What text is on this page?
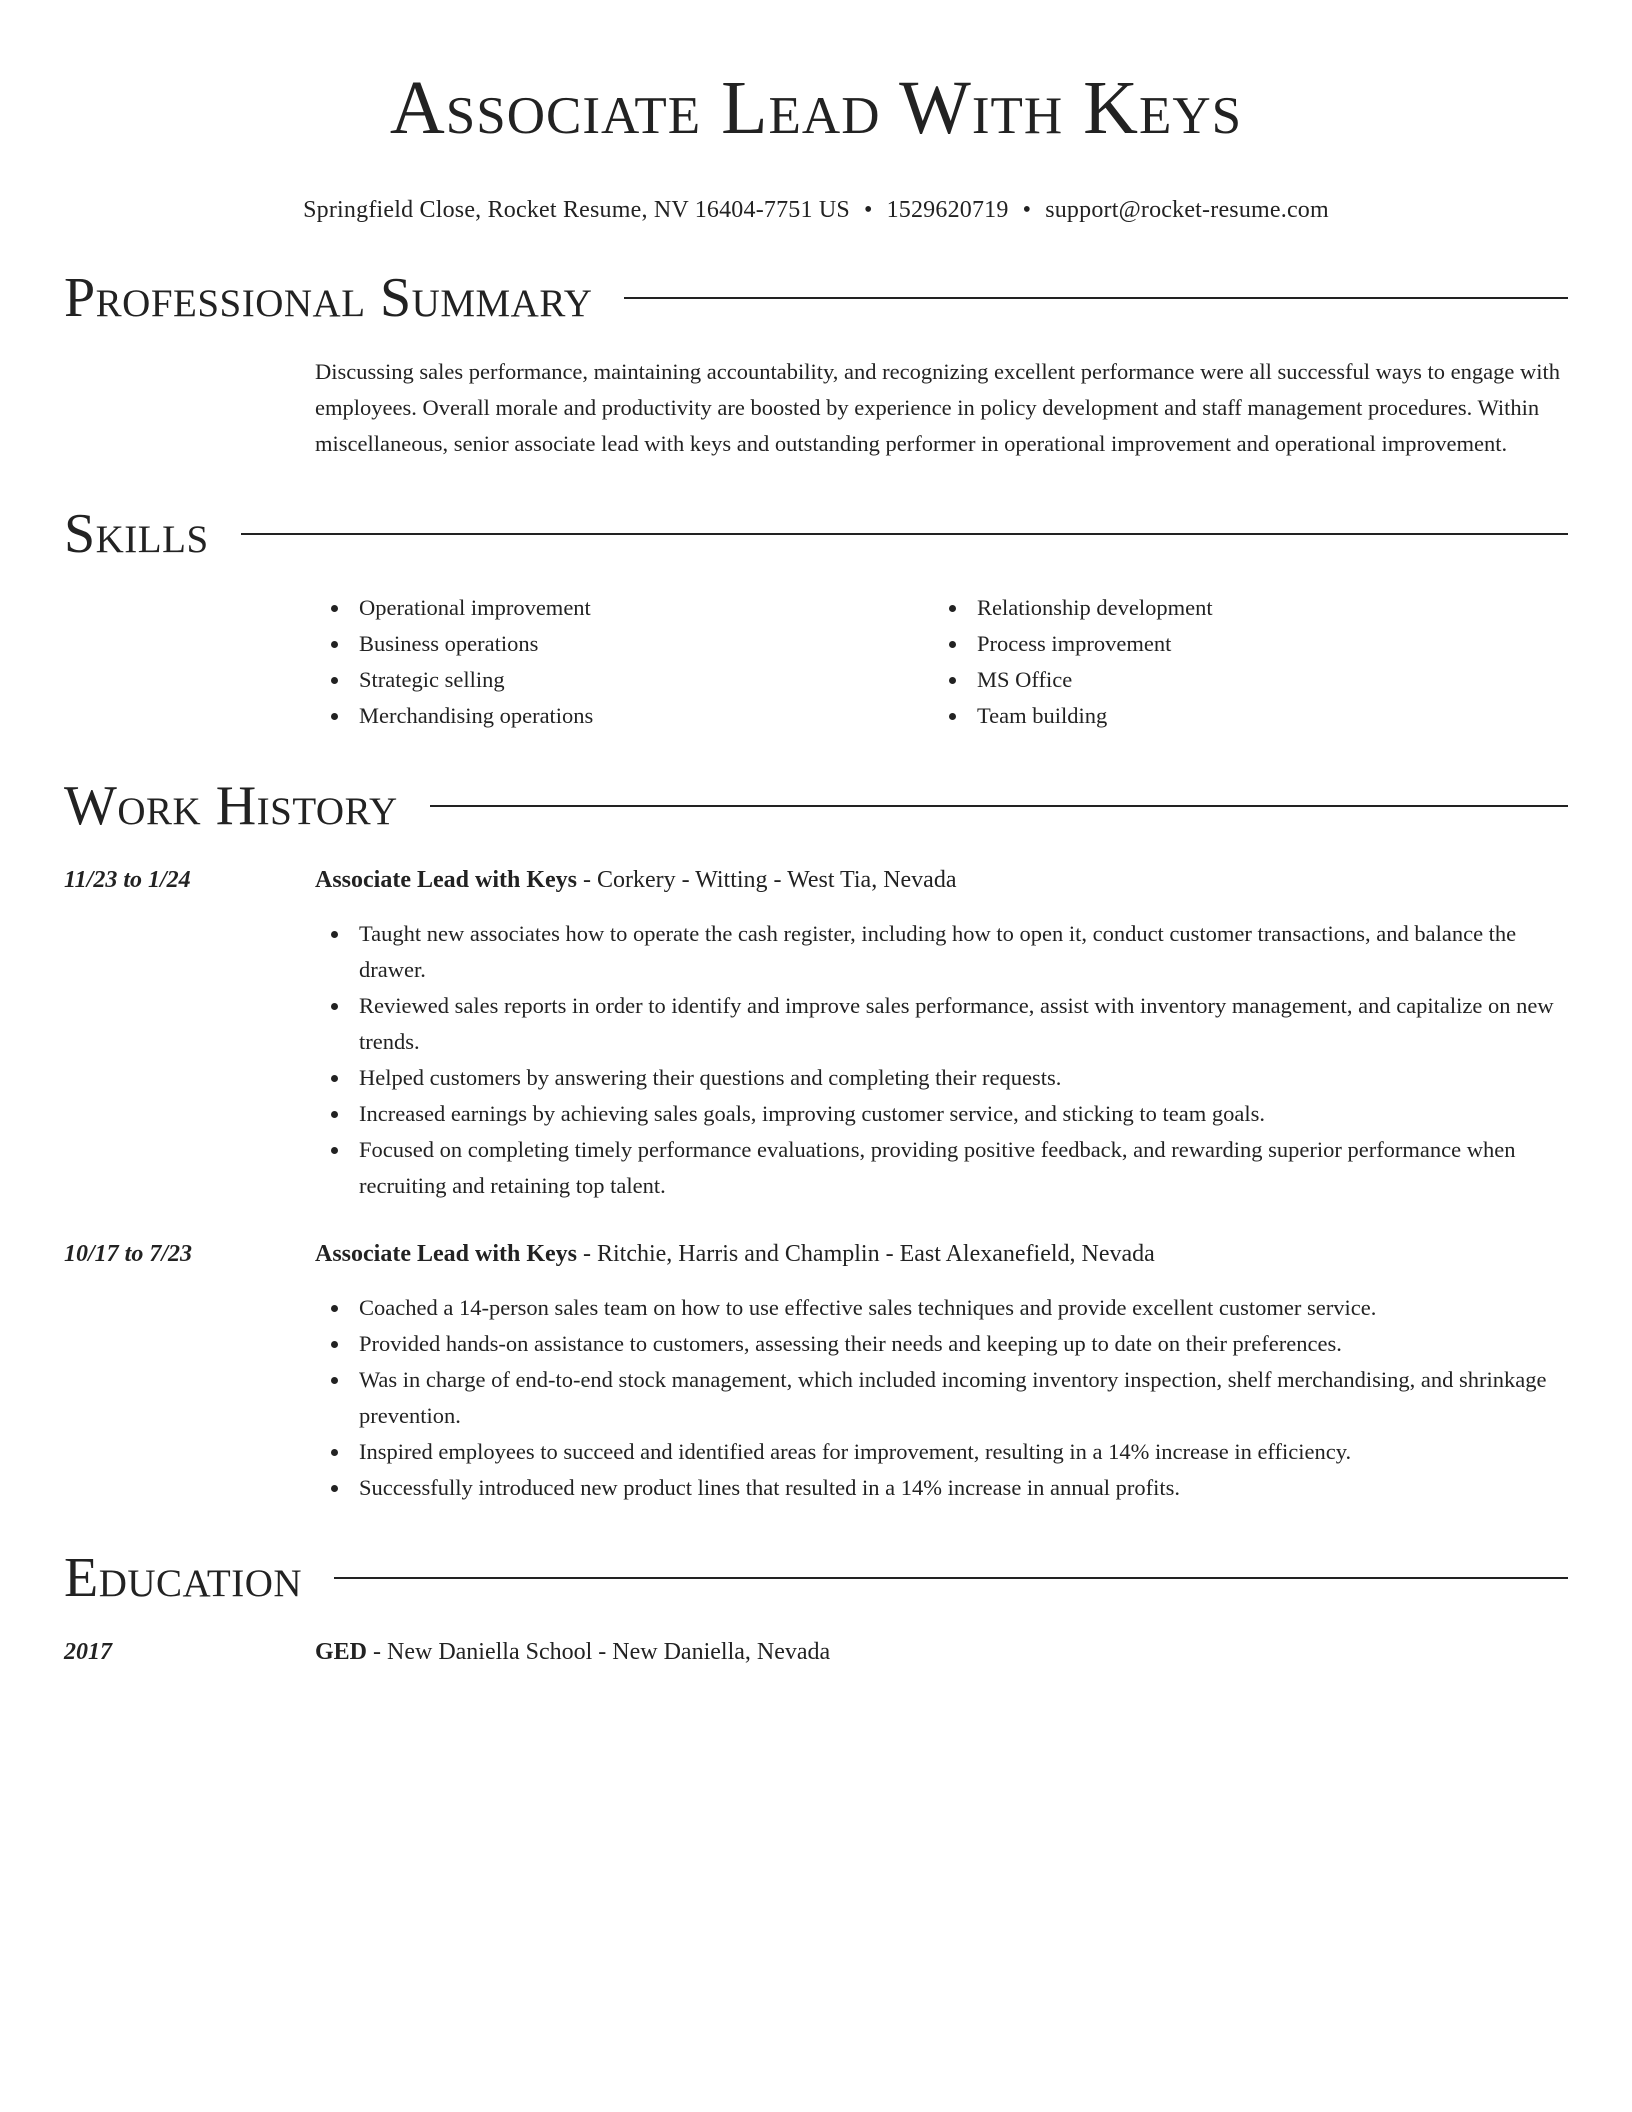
Associate Lead With Keys
Springfield Close, Rocket Resume, NV 16404-7751 US • 1529620719 • support@rocket-resume.com
Professional Summary

Discussing sales performance, maintaining accountability, and recognizing excellent performance were all successful ways to engage with employees. Overall morale and productivity are boosted by experience in policy development and staff management procedures. Within miscellaneous, senior associate lead with keys and outstanding performer in operational improvement and operational improvement.

Skills
Operational improvement
Business operations
Strategic selling
Merchandising operations
Relationship development
Process improvement
MS Office
Team building
Work History
11/23 to 1/24	Associate Lead with Keys - Corkery - Witting - West Tia, Nevada
Taught new associates how to operate the cash register, including how to open it, conduct customer transactions, and balance the drawer.
Reviewed sales reports in order to identify and improve sales performance, assist with inventory management, and capitalize on new trends.
Helped customers by answering their questions and completing their requests.
Increased earnings by achieving sales goals, improving customer service, and sticking to team goals.
Focused on completing timely performance evaluations, providing positive feedback, and rewarding superior performance when recruiting and retaining top talent.
10/17 to 7/23	Associate Lead with Keys - Ritchie, Harris and Champlin - East Alexanefield, Nevada
Coached a 14-person sales team on how to use effective sales techniques and provide excellent customer service.
Provided hands-on assistance to customers, assessing their needs and keeping up to date on their preferences.
Was in charge of end-to-end stock management, which included incoming inventory inspection, shelf merchandising, and shrinkage prevention.
Inspired employees to succeed and identified areas for improvement, resulting in a 14% increase in efficiency.
Successfully introduced new product lines that resulted in a 14% increase in annual profits.
Education
2017	GED - New Daniella School - New Daniella, Nevada
